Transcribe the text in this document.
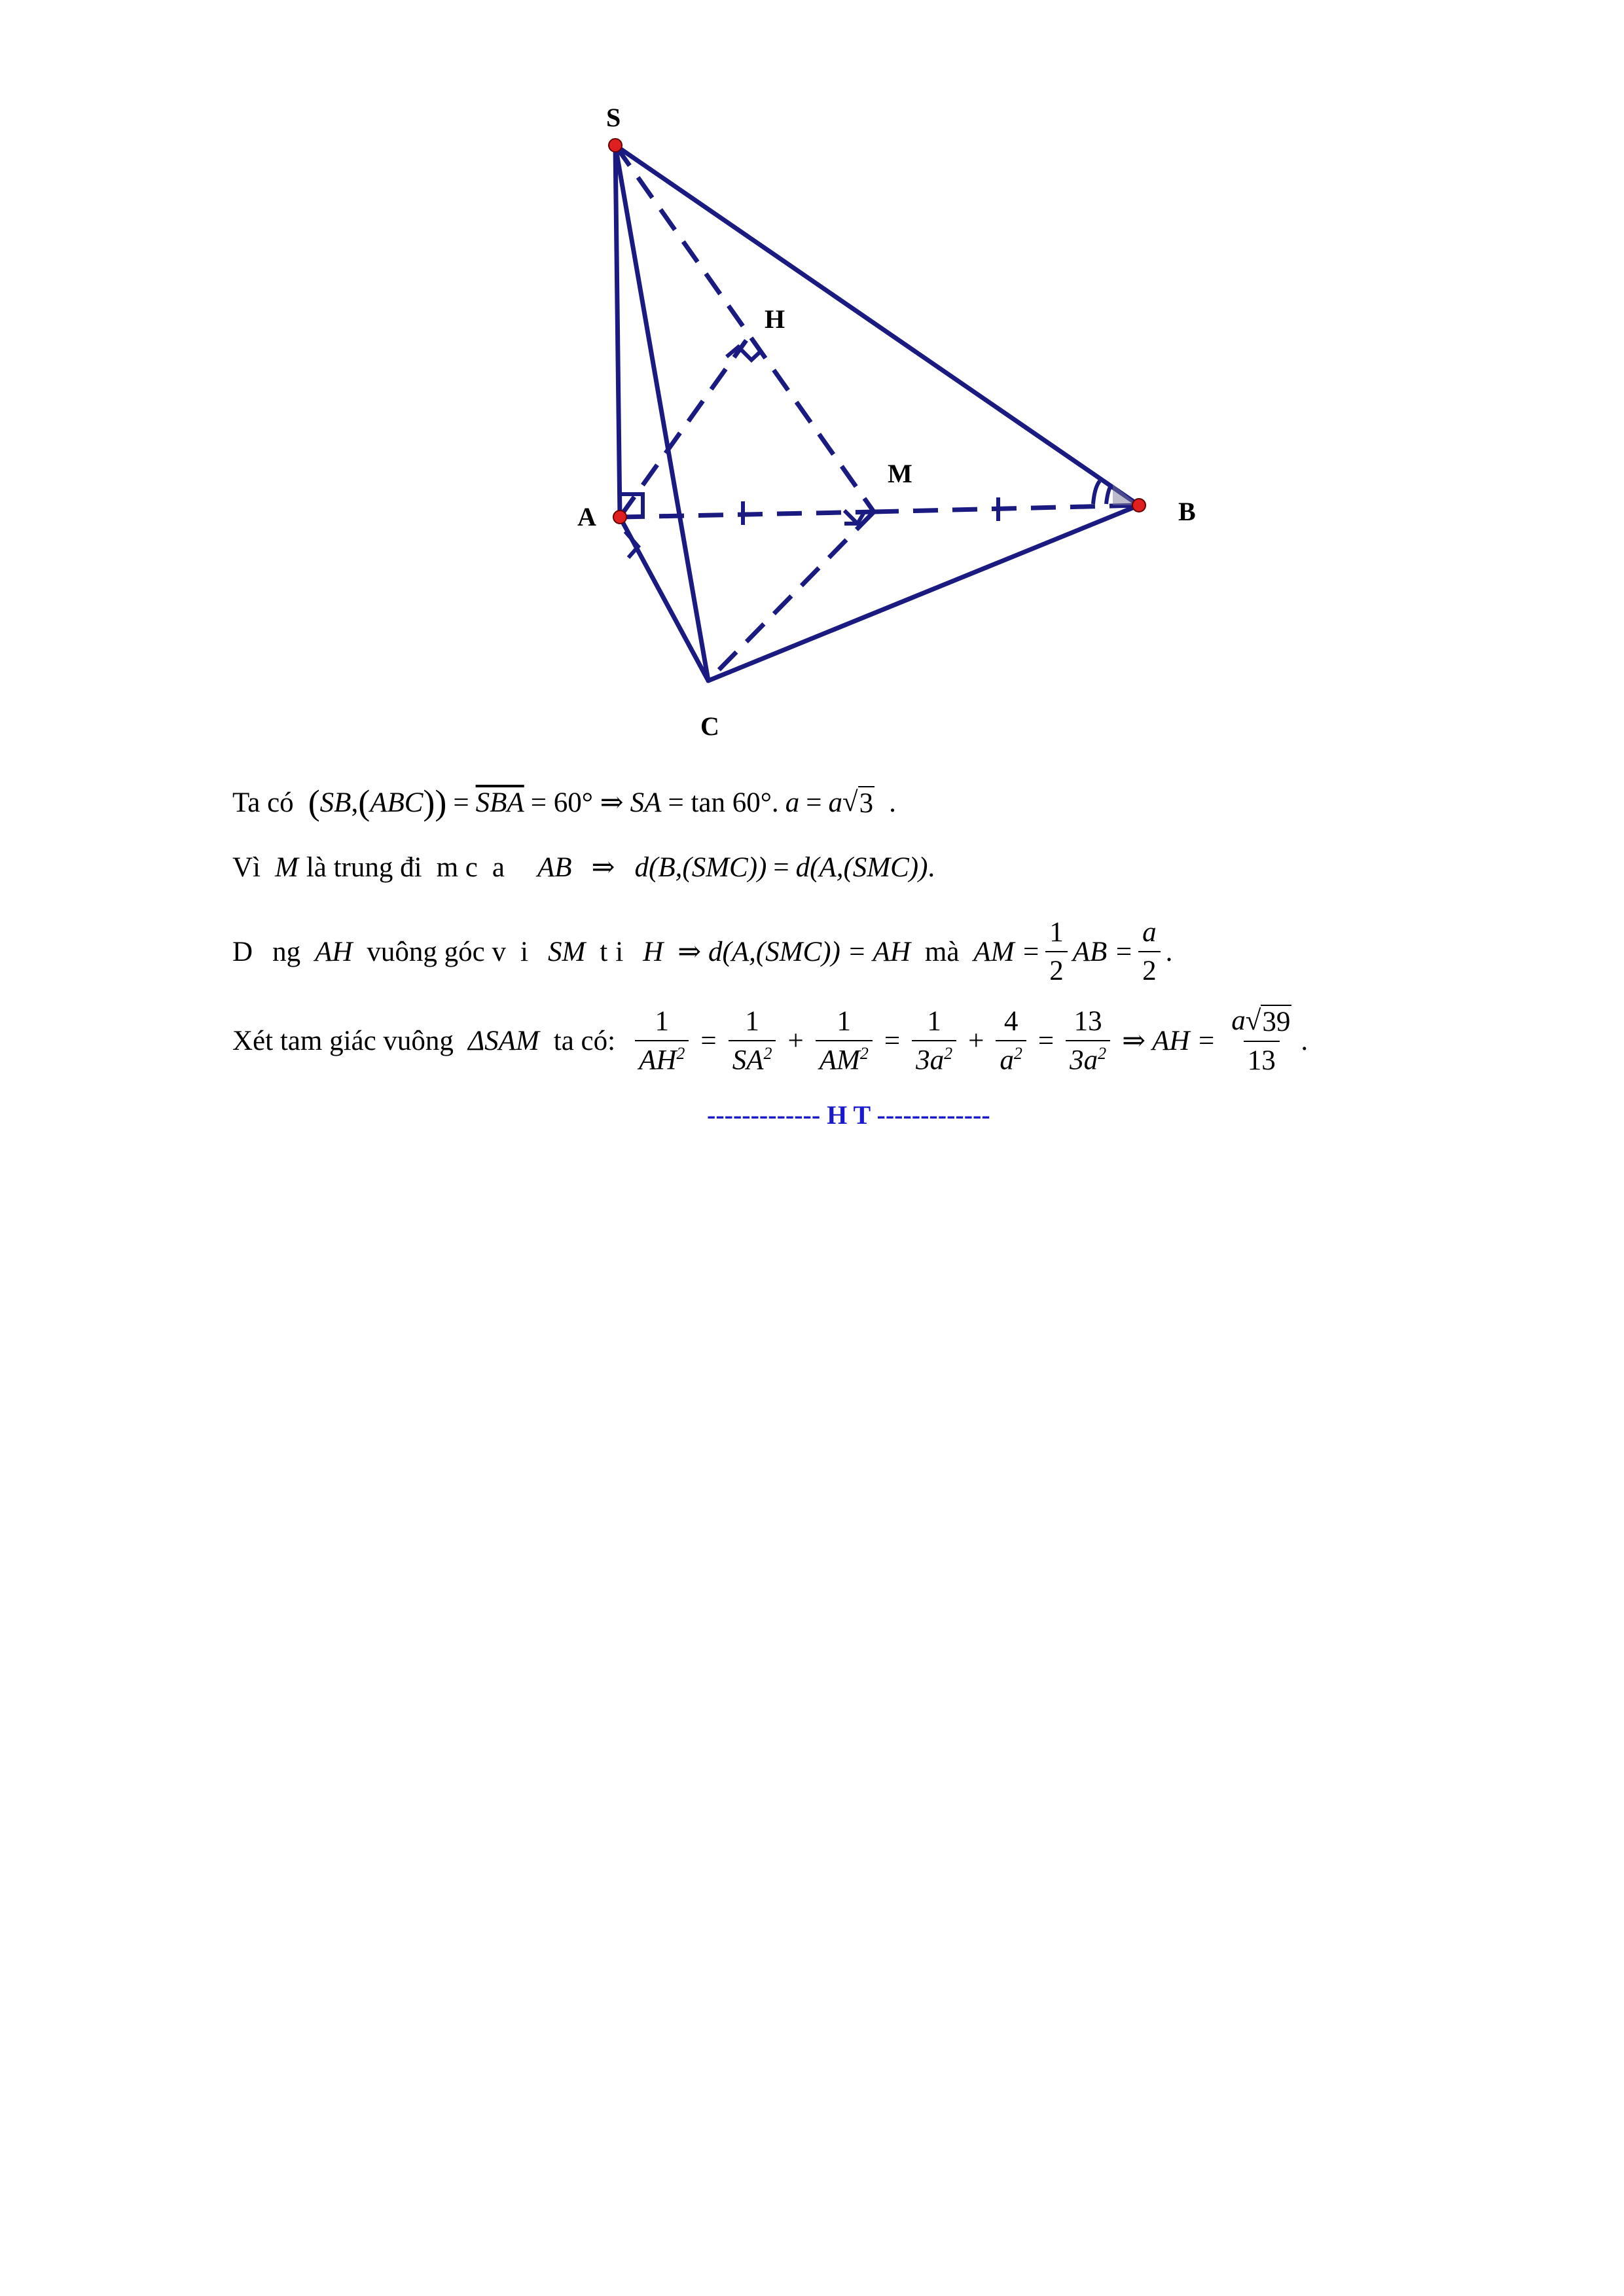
S
H
M
A	B
C
Ta có ( SB , ( ABC )) = $\overline{SBA} = 60^\circ$ ⇒ SA = tan 60°. a = a √ 3 .
Vì M là trung đi m c a AB ⇒ d(B,(SMC)) = d(A,(SMC)) .
D ng AH vuông góc v i SM t i H ⇒ d(A,(SMC)) = AH mà AM = $\frac{1}{2}$ AB = $\frac{a}{2}$ .
Xét tam giác vuông ΔSAM ta có: $\frac{1}{AH^2} = \frac{1}{SA^2} + \frac{1}{AM^2} = \frac{1}{3a^2} + \frac{4}{a^2} = \frac{13}{3a^2}$ ⇒ AH = $\frac{a √ 39}{13}$ .
------------- H T -------------
